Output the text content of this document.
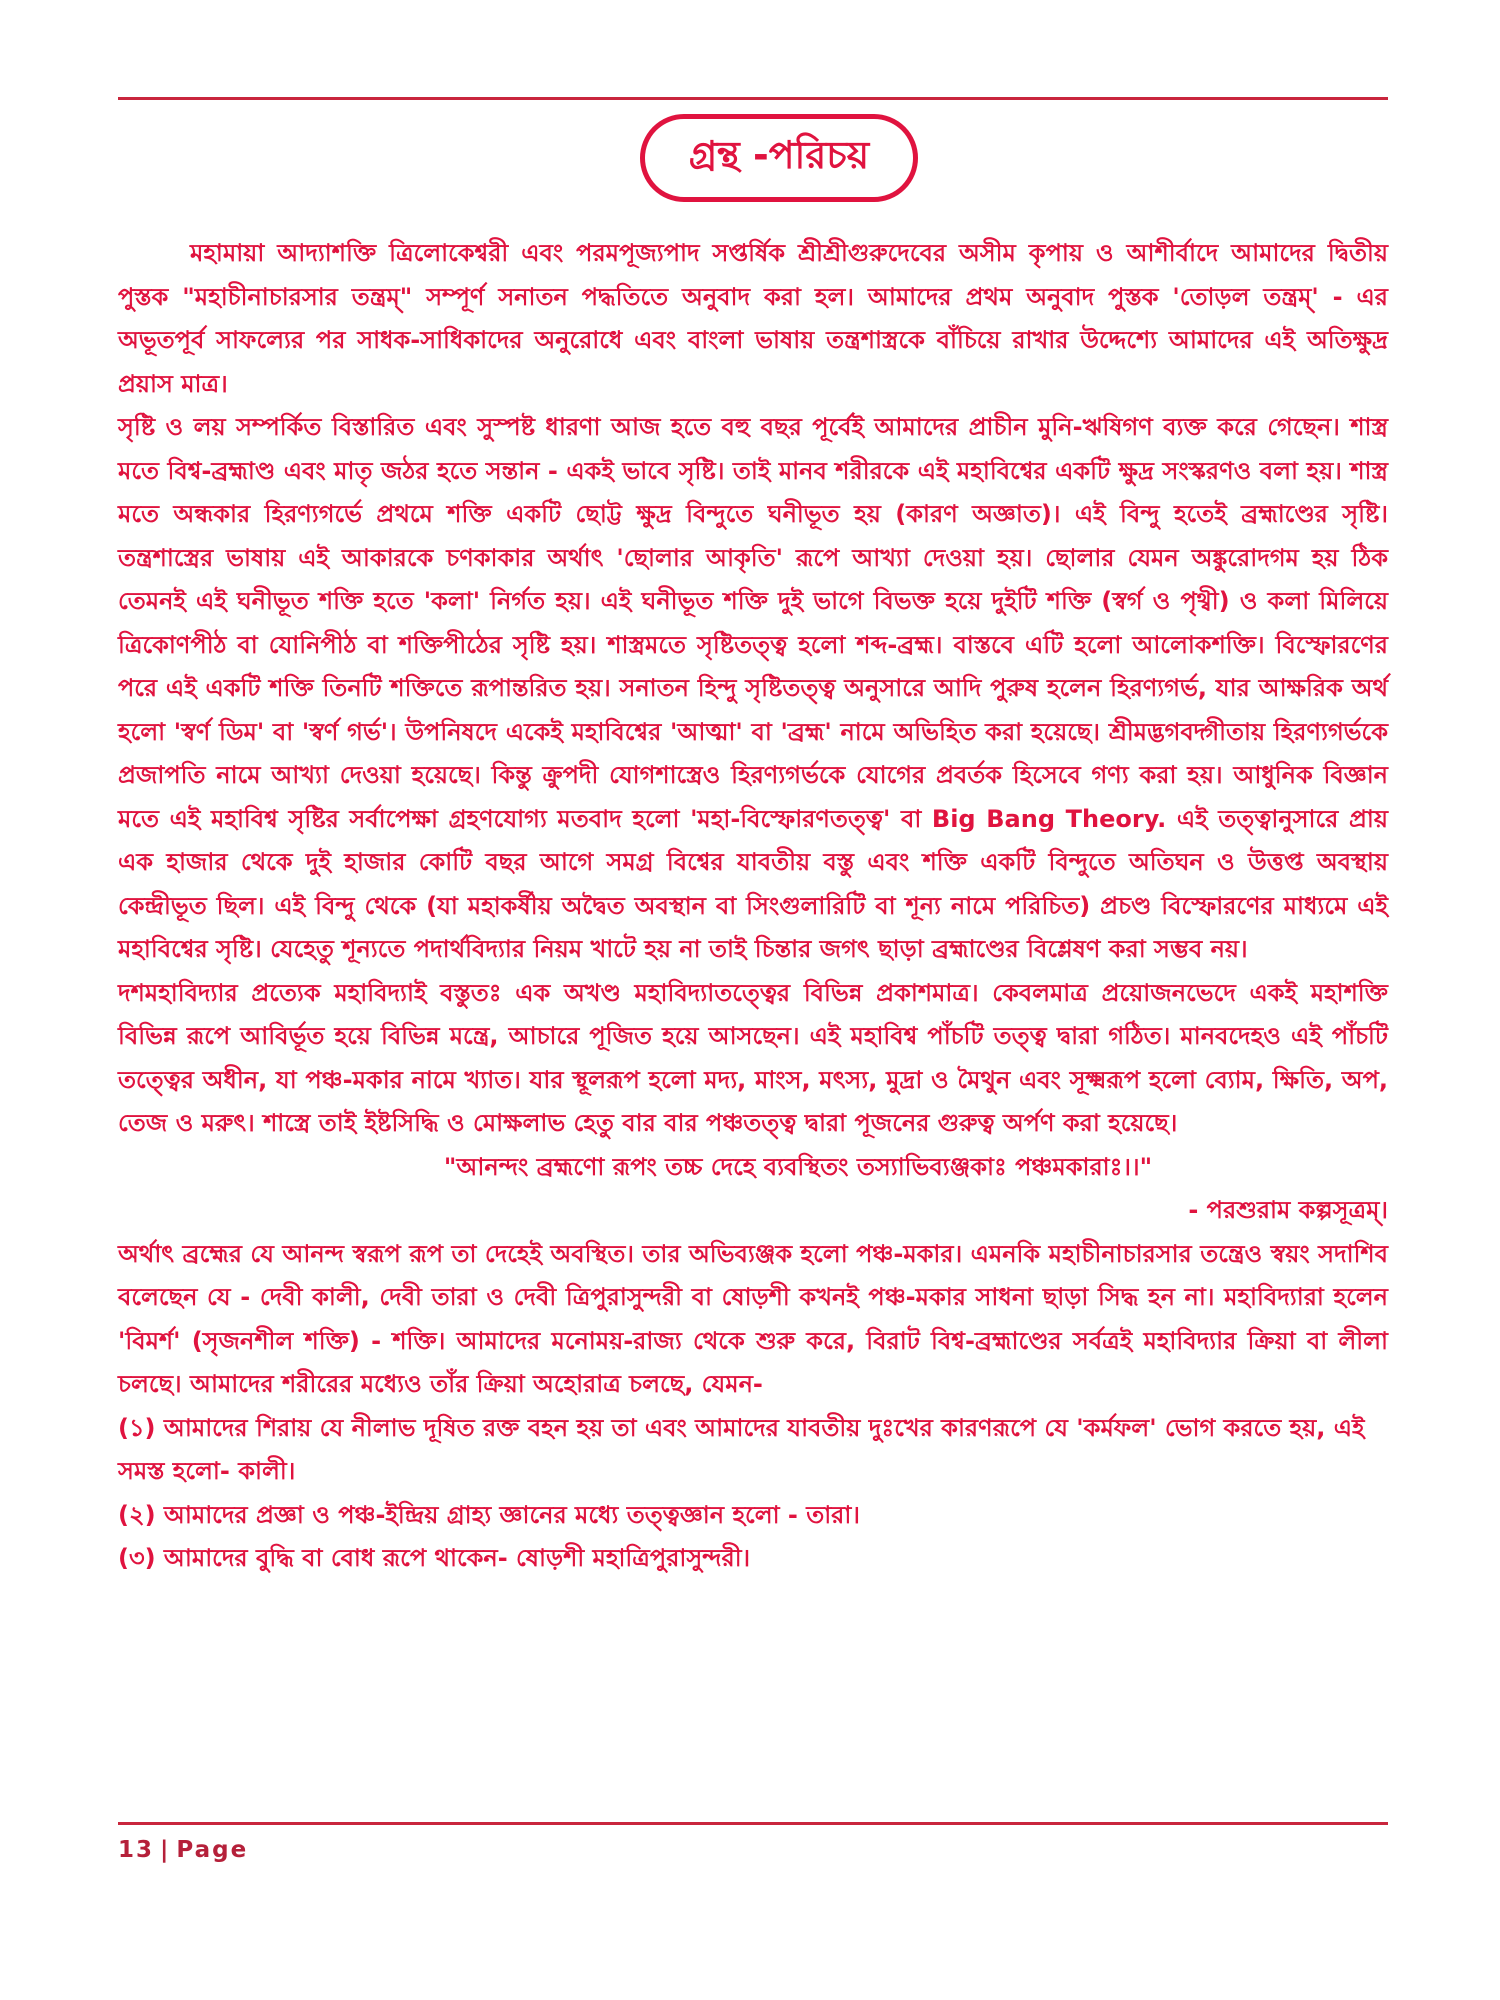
গ্রন্থ -পরিচয়

মহামায়া আদ্যাশক্তি ত্রিলোকেশ্বরী এবং পরমপূজ্যপাদ সপ্তর্ষিক শ্রীশ্রীগুরুদেবের অসীম কৃপায় ও আশীর্বাদে আমাদের দ্বিতীয় পুস্তক "মহাচীনাচারসার তন্ত্রম্" সম্পূর্ণ সনাতন পদ্ধতিতে অনুবাদ করা হল। আমাদের প্রথম অনুবাদ পুস্তক 'তোড়ল তন্ত্রম্' - এর অভূতপূর্ব সাফল্যের পর সাধক-সাধিকাদের অনুরোধে এবং বাংলা ভাষায় তন্ত্রশাস্ত্রকে বাঁচিয়ে রাখার উদ্দেশ্যে আমাদের এই অতিক্ষুদ্র প্রয়াস মাত্র।

সৃষ্টি ও লয় সম্পর্কিত বিস্তারিত এবং সুস্পষ্ট ধারণা আজ হতে বহু বছর পূর্বেই আমাদের প্রাচীন মুনি-ঋষিগণ ব্যক্ত করে গেছেন। শাস্ত্র মতে বিশ্ব-ব্রহ্মাণ্ড এবং মাতৃ জঠর হতে সন্তান - একই ভাবে সৃষ্টি। তাই মানব শরীরকে এই মহাবিশ্বের একটি ক্ষুদ্র সংস্করণও বলা হয়। শাস্ত্র মতে অন্ধকার হিরণ্যগর্ভে প্রথমে শক্তি একটি ছোট্ট ক্ষুদ্র বিন্দুতে ঘনীভূত হয় (কারণ অজ্ঞাত)। এই বিন্দু হতেই ব্রহ্মাণ্ডের সৃষ্টি। তন্ত্রশাস্ত্রের ভাষায় এই আকারকে চণকাকার অর্থাৎ 'ছোলার আকৃতি' রূপে আখ্যা দেওয়া হয়। ছোলার যেমন অঙ্কুরোদগম হয় ঠিক তেমনই এই ঘনীভূত শক্তি হতে 'কলা' নির্গত হয়। এই ঘনীভূত শক্তি দুই ভাগে বিভক্ত হয়ে দুইটি শক্তি (স্বর্গ ও পৃথ্বী) ও কলা মিলিয়ে ত্রিকোণপীঠ বা যোনিপীঠ বা শক্তিপীঠের সৃষ্টি হয়। শাস্ত্রমতে সৃষ্টিতত্ত্ব হলো শব্দ-ব্রহ্ম। বাস্তবে এটি হলো আলোকশক্তি। বিস্ফোরণের পরে এই একটি শক্তি তিনটি শক্তিতে রূপান্তরিত হয়। সনাতন হিন্দু সৃষ্টিতত্ত্ব অনুসারে আদি পুরুষ হলেন হিরণ্যগর্ভ, যার আক্ষরিক অর্থ হলো 'স্বর্ণ ডিম' বা 'স্বর্ণ গর্ভ'। উপনিষদে একেই মহাবিশ্বের 'আত্মা' বা 'ব্রহ্ম' নামে অভিহিত করা হয়েছে। শ্রীমদ্ভগবদ্গীতায় হিরণ্যগর্ভকে প্রজাপতি নামে আখ্যা দেওয়া হয়েছে। কিন্তু ক্রুপদী যোগশাস্ত্রেও হিরণ্যগর্ভকে যোগের প্রবর্তক হিসেবে গণ্য করা হয়। আধুনিক বিজ্ঞান মতে এই মহাবিশ্ব সৃষ্টির সর্বাপেক্ষা গ্রহণযোগ্য মতবাদ হলো 'মহা-বিস্ফোরণতত্ত্ব' বা Big Bang Theory. এই তত্ত্বানুসারে প্রায় এক হাজার থেকে দুই হাজার কোটি বছর আগে সমগ্র বিশ্বের যাবতীয় বস্তু এবং শক্তি একটি বিন্দুতে অতিঘন ও উত্তপ্ত অবস্থায় কেন্দ্রীভূত ছিল। এই বিন্দু থেকে (যা মহাকর্ষীয় অদ্বৈত অবস্থান বা সিংগুলারিটি বা শূন্য নামে পরিচিত) প্রচণ্ড বিস্ফোরণের মাধ্যমে এই মহাবিশ্বের সৃষ্টি। যেহেতু শূন্যতে পদার্থবিদ্যার নিয়ম খাটে হয় না তাই চিন্তার জগৎ ছাড়া ব্রহ্মাণ্ডের বিশ্লেষণ করা সম্ভব নয়।

দশমহাবিদ্যার প্রত্যেক মহাবিদ্যাই বস্তুতঃ এক অখণ্ড মহাবিদ্যাতত্ত্বের বিভিন্ন প্রকাশমাত্র। কেবলমাত্র প্রয়োজনভেদে একই মহাশক্তি বিভিন্ন রূপে আবির্ভূত হয়ে বিভিন্ন মন্ত্রে, আচারে পূজিত হয়ে আসছেন। এই মহাবিশ্ব পাঁচটি তত্ত্ব দ্বারা গঠিত। মানবদেহও এই পাঁচটি তত্ত্বের অধীন, যা পঞ্চ-মকার নামে খ্যাত। যার স্থূলরূপ হলো মদ্য, মাংস, মৎস্য, মুদ্রা ও মৈথুন এবং সূক্ষ্মরূপ হলো ব্যোম, ক্ষিতি, অপ, তেজ ও মরুৎ। শাস্ত্রে তাই ইষ্টসিদ্ধি ও মোক্ষলাভ হেতু বার বার পঞ্চতত্ত্ব দ্বারা পূজনের গুরুত্ব অর্পণ করা হয়েছে।

"আনন্দং ব্রহ্মণো রূপং তচ্চ দেহে ব্যবস্থিতং তস্যাভিব্যঞ্জকাঃ পঞ্চমকারাঃ।।"

- পরশুরাম কল্পসূত্রম্।

অর্থাৎ ব্রহ্মের যে আনন্দ স্বরূপ রূপ তা দেহেই অবস্থিত। তার অভিব্যঞ্জক হলো পঞ্চ-মকার। এমনকি মহাচীনাচারসার তন্ত্রেও স্বয়ং সদাশিব বলেছেন যে - দেবী কালী, দেবী তারা ও দেবী ত্রিপুরাসুন্দরী বা ষোড়শী কখনই পঞ্চ-মকার সাধনা ছাড়া সিদ্ধ হন না। মহাবিদ্যারা হলেন 'বিমর্শ' (সৃজনশীল শক্তি) - শক্তি। আমাদের মনোময়-রাজ্য থেকে শুরু করে, বিরাট বিশ্ব-ব্রহ্মাণ্ডের সর্বত্রই মহাবিদ্যার ক্রিয়া বা লীলা চলছে। আমাদের শরীরের মধ্যেও তাঁর ক্রিয়া অহোরাত্র চলছে, যেমন-

(১) আমাদের শিরায় যে নীলাভ দূষিত রক্ত বহন হয় তা এবং আমাদের যাবতীয় দুঃখের কারণরূপে যে 'কর্মফল' ভোগ করতে হয়, এই সমস্ত হলো- কালী।

(২) আমাদের প্রজ্ঞা ও পঞ্চ-ইন্দ্রিয় গ্রাহ্য জ্ঞানের মধ্যে তত্ত্বজ্ঞান হলো - তারা।

(৩) আমাদের বুদ্ধি বা বোধ রূপে থাকেন- ষোড়শী মহাত্রিপুরাসুন্দরী।

13 | Page
